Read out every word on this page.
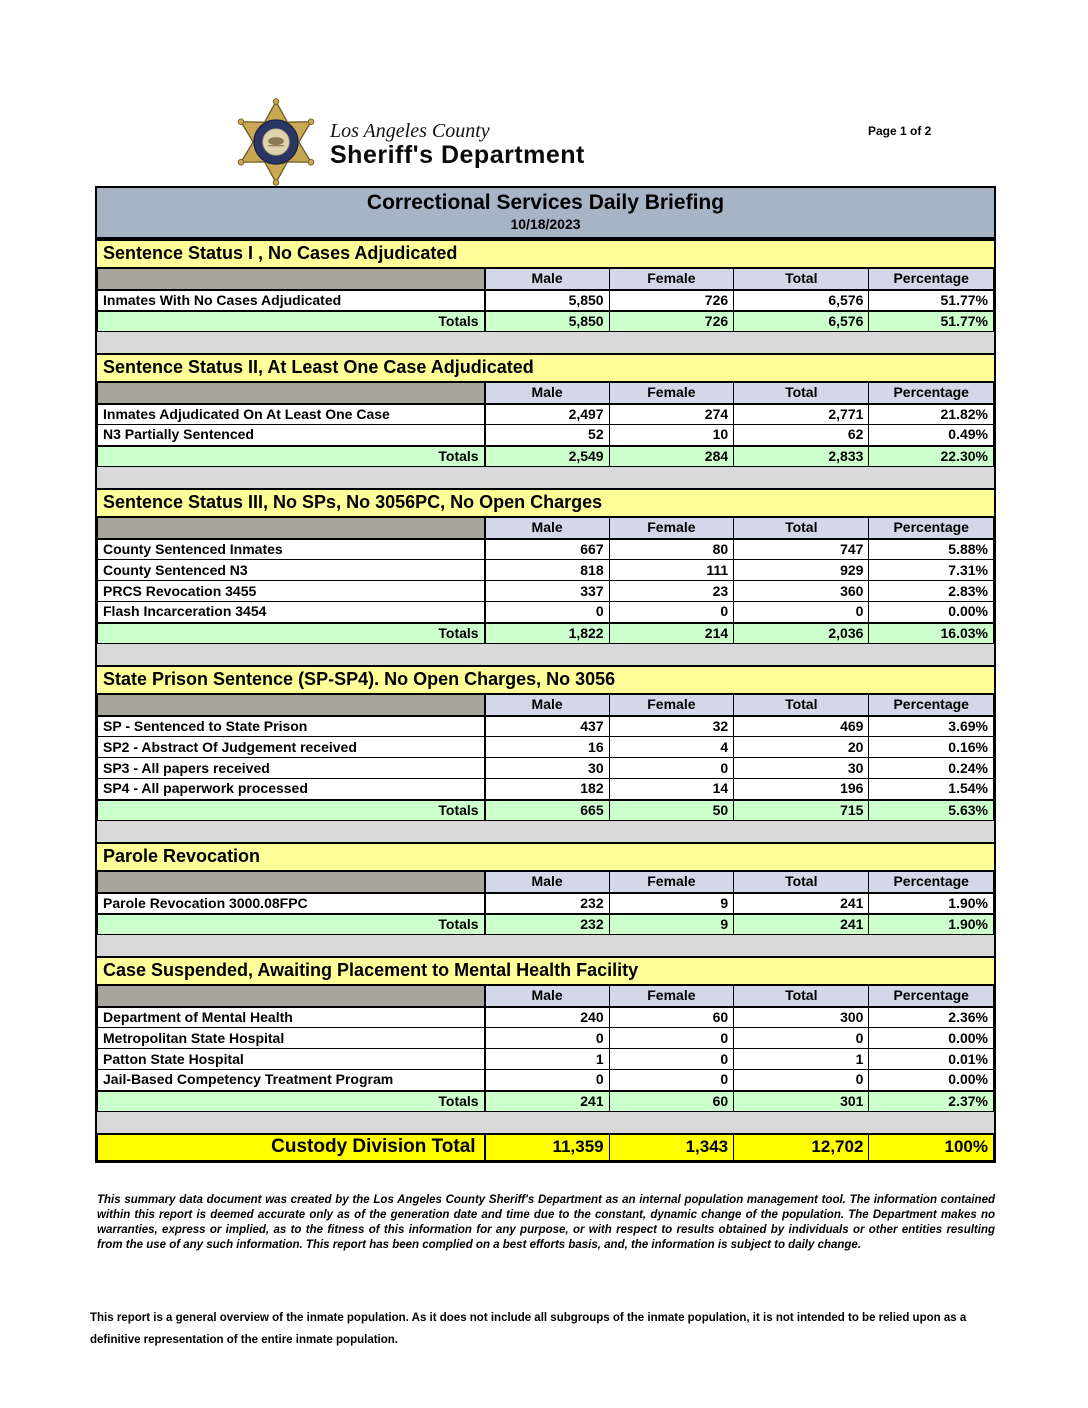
Los Angeles County
Sheriff's Department
Page 1 of 2
Correctional Services Daily Briefing
10/18/2023
Sentence Status I , No Cases Adjudicated
	Male	Female	Total	Percentage
Inmates With No Cases Adjudicated	5,850	726	6,576	51.77%
Totals	5,850	726	6,576	51.77%
Sentence Status II, At Least One Case Adjudicated
	Male	Female	Total	Percentage
Inmates Adjudicated On At Least One Case	2,497	274	2,771	21.82%
N3 Partially Sentenced	52	10	62	0.49%
Totals	2,549	284	2,833	22.30%
Sentence Status III, No SPs, No 3056PC, No Open Charges
	Male	Female	Total	Percentage
County Sentenced Inmates	667	80	747	5.88%
County Sentenced N3	818	111	929	7.31%
PRCS Revocation 3455	337	23	360	2.83%
Flash Incarceration 3454	0	0	0	0.00%
Totals	1,822	214	2,036	16.03%
State Prison Sentence (SP-SP4). No Open Charges, No 3056
	Male	Female	Total	Percentage
SP - Sentenced to State Prison	437	32	469	3.69%
SP2 - Abstract Of Judgement received	16	4	20	0.16%
SP3 - All papers received	30	0	30	0.24%
SP4 - All paperwork processed	182	14	196	1.54%
Totals	665	50	715	5.63%
Parole Revocation
	Male	Female	Total	Percentage
Parole Revocation 3000.08FPC	232	9	241	1.90%
Totals	232	9	241	1.90%
Case Suspended, Awaiting Placement to Mental Health Facility
	Male	Female	Total	Percentage
Department of Mental Health	240	60	300	2.36%
Metropolitan State Hospital	0	0	0	0.00%
Patton State Hospital	1	0	1	0.01%
Jail-Based Competency Treatment Program	0	0	0	0.00%
Totals	241	60	301	2.37%
Custody Division Total	11,359	1,343	12,702	100%

This summary data document was created by the Los Angeles County Sheriff's Department as an internal population management tool. The information contained within this report is deemed accurate only as of the generation date and time due to the constant, dynamic change of the population. The Department makes no warranties, express or implied, as to the fitness of this information for any purpose, or with respect to results obtained by individuals or other entities resulting from the use of any such information. This report has been complied on a best efforts basis, and, the information is subject to daily change.

This report is a general overview of the inmate population. As it does not include all subgroups of the inmate population, it is not intended to be relied upon as a definitive representation of the entire inmate population.
